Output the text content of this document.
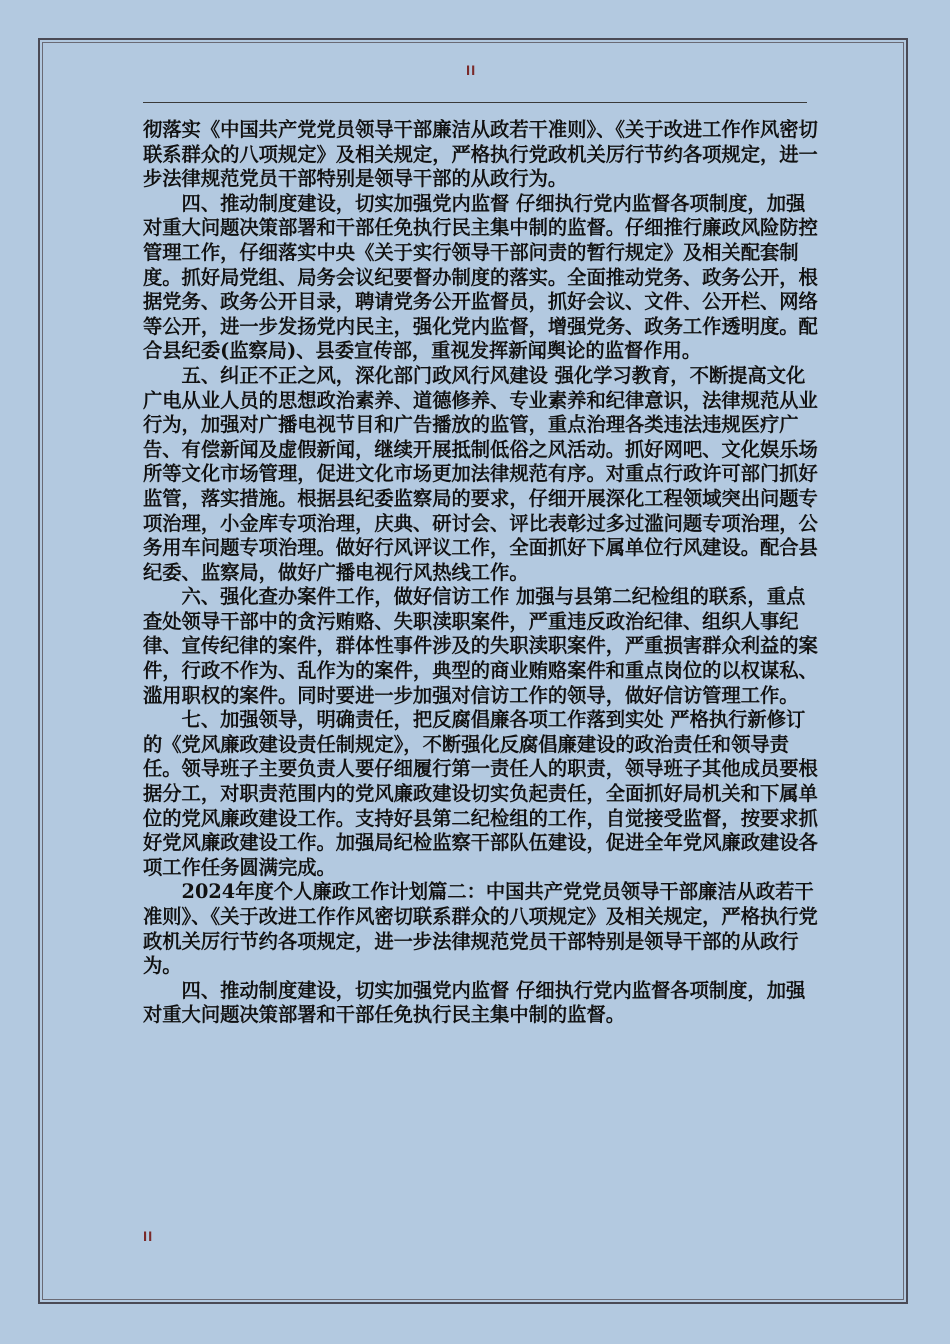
ll

彻落实《中国共产党党员领导干部廉洁从政若干准则》、《关于改进工作作风密切联系群众的八项规定》及相关规定，严格执行党政机关厉行节约各项规定，进一步法律规范党员干部特别是领导干部的从政行为。

　　四、推动制度建设，切实加强党内监督 仔细执行党内监督各项制度，加强对重大问题决策部署和干部任免执行民主集中制的监督。仔细推行廉政风险防控管理工作，仔细落实中央《关于实行领导干部问责的暂行规定》及相关配套制度。抓好局党组、局务会议纪要督办制度的落实。全面推动党务、政务公开，根据党务、政务公开目录，聘请党务公开监督员，抓好会议、文件、公开栏、网络等公开，进一步发扬党内民主，强化党内监督，增强党务、政务工作透明度。配合县纪委(监察局)、县委宣传部，重视发挥新闻舆论的监督作用。

　　五、纠正不正之风，深化部门政风行风建设 强化学习教育，不断提高文化广电从业人员的思想政治素养、道德修养、专业素养和纪律意识，法律规范从业行为，加强对广播电视节目和广告播放的监管，重点治理各类违法违规医疗广告、有偿新闻及虚假新闻，继续开展抵制低俗之风活动。抓好网吧、文化娱乐场所等文化市场管理，促进文化市场更加法律规范有序。对重点行政许可部门抓好监管，落实措施。根据县纪委监察局的要求，仔细开展深化工程领域突出问题专项治理，小金库专项治理，庆典、研讨会、评比表彰过多过滥问题专项治理，公务用车问题专项治理。做好行风评议工作，全面抓好下属单位行风建设。配合县纪委、监察局，做好广播电视行风热线工作。

　　六、强化查办案件工作，做好信访工作 加强与县第二纪检组的联系，重点查处领导干部中的贪污贿赂、失职渎职案件，严重违反政治纪律、组织人事纪律、宣传纪律的案件，群体性事件涉及的失职渎职案件，严重损害群众利益的案件，行政不作为、乱作为的案件，典型的商业贿赂案件和重点岗位的以权谋私、滥用职权的案件。同时要进一步加强对信访工作的领导，做好信访管理工作。

　　七、加强领导，明确责任，把反腐倡廉各项工作落到实处 严格执行新修订的《党风廉政建设责任制规定》，不断强化反腐倡廉建设的政治责任和领导责任。领导班子主要负责人要仔细履行第一责任人的职责，领导班子其他成员要根据分工，对职责范围内的党风廉政建设切实负起责任，全面抓好局机关和下属单位的党风廉政建设工作。支持好县第二纪检组的工作，自觉接受监督，按要求抓好党风廉政建设工作。加强局纪检监察干部队伍建设，促进全年党风廉政建设各项工作任务圆满完成。

　　2024年度个人廉政工作计划篇二：中国共产党党员领导干部廉洁从政若干准则》、《关于改进工作作风密切联系群众的八项规定》及相关规定，严格执行党政机关厉行节约各项规定，进一步法律规范党员干部特别是领导干部的从政行为。

　　四、推动制度建设，切实加强党内监督 仔细执行党内监督各项制度，加强对重大问题决策部署和干部任免执行民主集中制的监督。

ll
